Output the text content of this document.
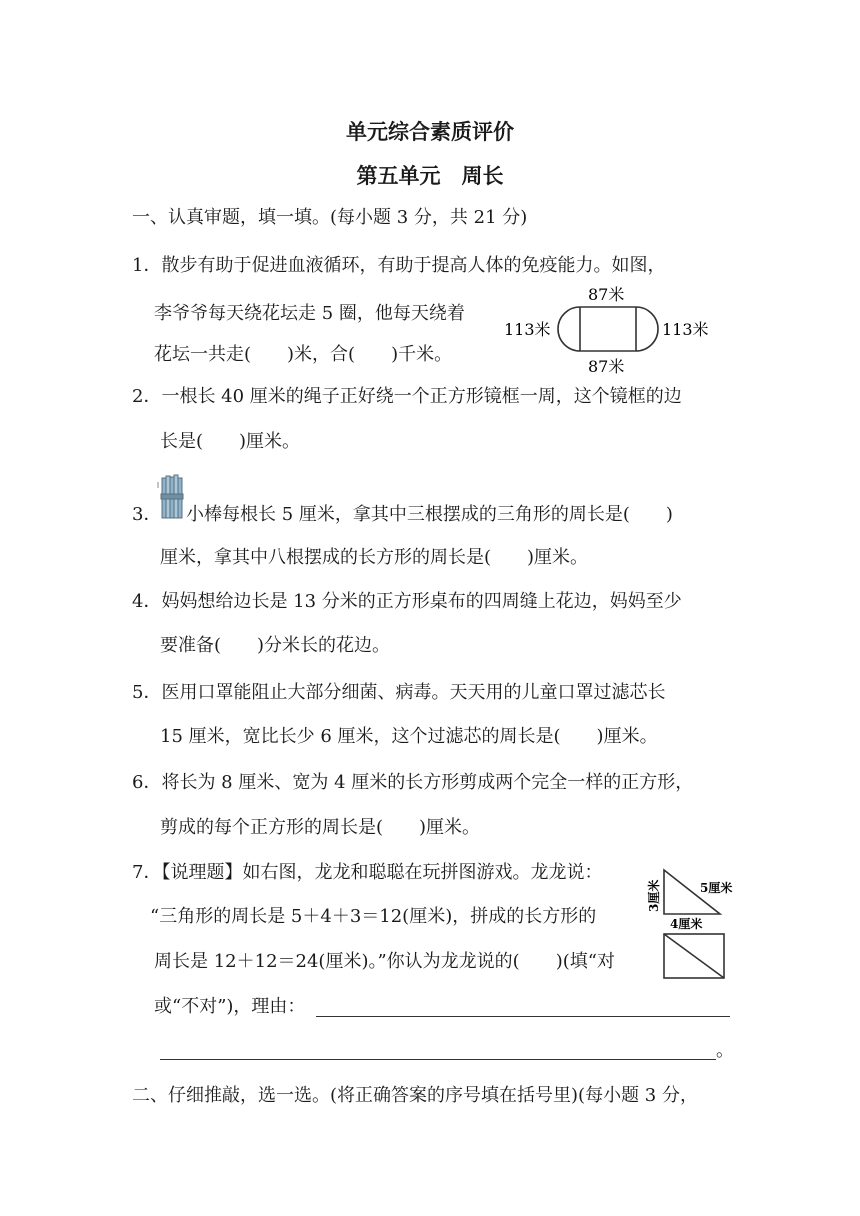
单元综合素质评价
第五单元　周长
一、认真审题，填一填。(每小题 3 分，共 21 分)
1．散步有助于促进血液循环，有助于提高人体的免疫能力。如图，
李爷爷每天绕花坛走 5 圈，他每天绕着
花坛一共走(　　)米，合(　　)千米。
87米
87米
113米	113米
2．一根长 40 厘米的绳子正好绕一个正方形镜框一周，这个镜框的边
长是(　　)厘米。
3． 小棒每根长 5 厘米，拿其中三根摆成的三角形的周长是(　　)
厘米，拿其中八根摆成的长方形的周长是(　　)厘米。
4．妈妈想给边长是 13 分米的正方形桌布的四周缝上花边，妈妈至少
要准备(　　)分米长的花边。
5．医用口罩能阻止大部分细菌、病毒。天天用的儿童口罩过滤芯长
15 厘米，宽比长少 6 厘米，这个过滤芯的周长是(　　)厘米。
6．将长为 8 厘米、宽为 4 厘米的长方形剪成两个完全一样的正方形，
剪成的每个正方形的周长是(　　)厘米。
7．【说理题】如右图，龙龙和聪聪在玩拼图游戏。龙龙说：
“三角形的周长是 5＋4＋3＝12(厘米)，拼成的长方形的
周长是 12＋12＝24(厘米)。”你认为龙龙说的(　　)(填“对
或“不对”)，理由：
。
3厘米	5厘米
4厘米
二、仔细推敲，选一选。(将正确答案的序号填在括号里)(每小题 3 分，
